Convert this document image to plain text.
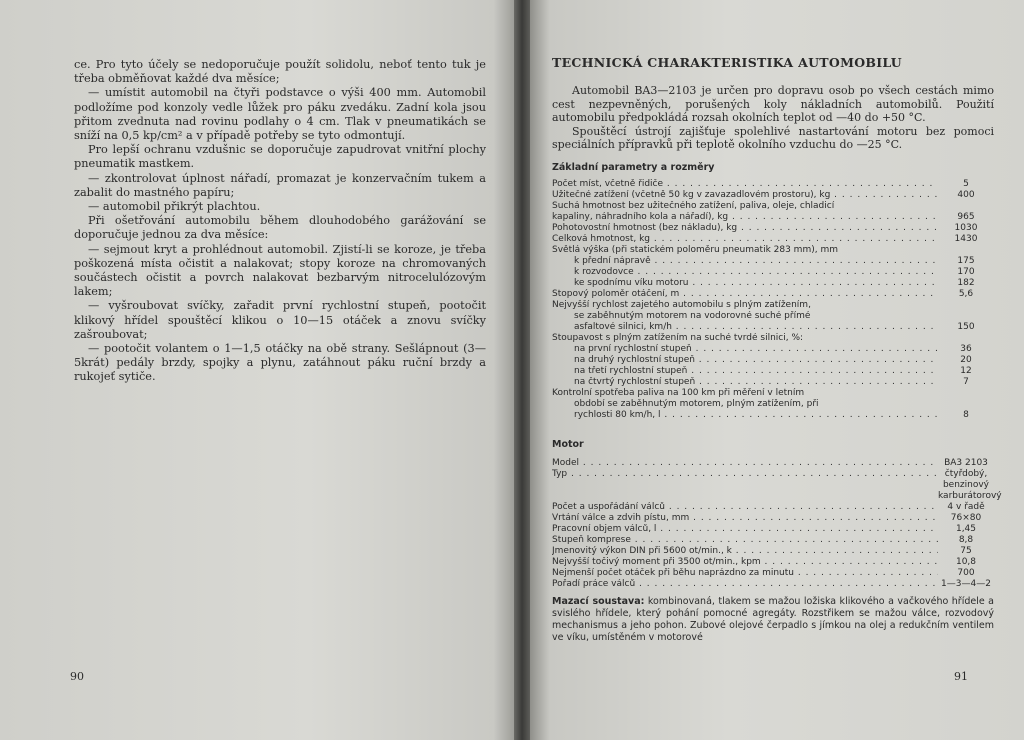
ce. Pro tyto účely se nedoporučuje použít solidolu, neboť tento tuk je třeba obměňovat každé dva měsíce;

— umístit automobil na čtyři podstavce o výši 400 mm. Automobil podložíme pod konzoly vedle lůžek pro páku zvedáku. Zadní kola jsou přitom zvednuta nad rovinu podlahy o 4 cm. Tlak v pneumatikách se sníží na 0,5 kp/cm² a v případě potřeby se tyto odmontují.

Pro lepší ochranu vzdušnic se doporučuje zapudrovat vnitřní plochy pneumatik mastkem.

— zkontrolovat úplnost nářadí, promazat je konzervačním tukem a zabalit do mastného papíru;

— automobil přikrýt plachtou.

Při ošetřování automobilu během dlouhodobého garážování se doporučuje jednou za dva měsíce:

— sejmout kryt a prohlédnout automobil. Zjistí-li se koroze, je třeba poškozená místa očistit a nalakovat; stopy koroze na chromovaných součástech očistit a povrch nalakovat bezbarvým nitrocelulózovým lakem;

— vyšroubovat svíčky, zařadit první rychlostní stupeň, pootočit klikový hřídel spouštěcí klikou o 10—15 otáček a znovu svíčky zašroubovat;

— pootočit volantem o 1—1,5 otáčky na obě strany. Sešlápnout (3—5krát) pedály brzdy, spojky a plynu, zatáhnout páku ruční brzdy a rukojeť sytiče.

90
TECHNICKÁ CHARAKTERISTIKA AUTOMOBILU

Automobil BA3—2103 je určen pro dopravu osob po všech cestách mimo cest nezpevněných, porušených koly nákladních automobilů. Použití automobilu předpokládá rozsah okolních teplot od —40 do +50 °C.

Spouštěcí ústrojí zajišťuje spolehlivé nastartování motoru bez pomoci speciálních přípravků při teplotě okolního vzduchu do —25 °C.

Základní parametry a rozměry
Počet míst, včetně řidiče . . .	5
Užitečné zatížení (včetně 50 kg v zavazadlovém prostoru), kg . . .	400
Suchá hmotnost bez užitečného zatížení, paliva, oleje, chladicí
kapaliny, náhradního kola a nářadí), kg . . .	965
Pohotovostní hmotnost (bez nákladu), kg . . .	1030
Celková hmotnost, kg . . .	1430
Světlá výška (při statickém poloměru pneumatik 283 mm), mm
k přední nápravě . . .	175
k rozvodovce . . .	170
ke spodnímu víku motoru . . .	182
Stopový poloměr otáčení, m . . .	5,6
Nejvyšší rychlost zajetého automobilu s plným zatížením,
se zaběhnutým motorem na vodorovné suché přímé
asfaltové silnici, km/h . . .	150
Stoupavost s plným zatížením na suché tvrdé silnici, %:
na první rychlostní stupeň . . .	36
na druhý rychlostní stupeň . . .	20
na třetí rychlostní stupeň . . .	12
na čtvrtý rychlostní stupeň . . .	7
Kontrolní spotřeba paliva na 100 km při měření v letním
období se zaběhnutým motorem, plným zatížením, při
rychlosti 80 km/h, l . . .	8
Motor
Model . . .	BA3 2103
Typ . . .	čtyřdobý,
benzinový
karburátorový
Počet a uspořádání válců . . .	4 v řadě
Vrtání válce a zdvih pístu, mm . . .	76×80
Pracovní objem válců, l . . .	1,45
Stupeň komprese . . .	8,8
Jmenovitý výkon DIN při 5600 ot/min., k . . .	75
Nejvyšší točivý moment při 3500 ot/min., kpm . . .	10,8
Nejmenší počet otáček při běhu naprázdno za minutu . . .	700
Pořadí práce válců . . .	1—3—4—2

Mazací soustava: kombinovaná, tlakem se mažou ložiska klikového a vačkového hřídele a svislého hřídele, který pohání pomocné agregáty. Rozstřikem se mažou válce, rozvodový mechanismus a jeho pohon. Zubové olejové čerpadlo s jímkou na olej a redukčním ventilem ve víku, umístěném v motorové

91
